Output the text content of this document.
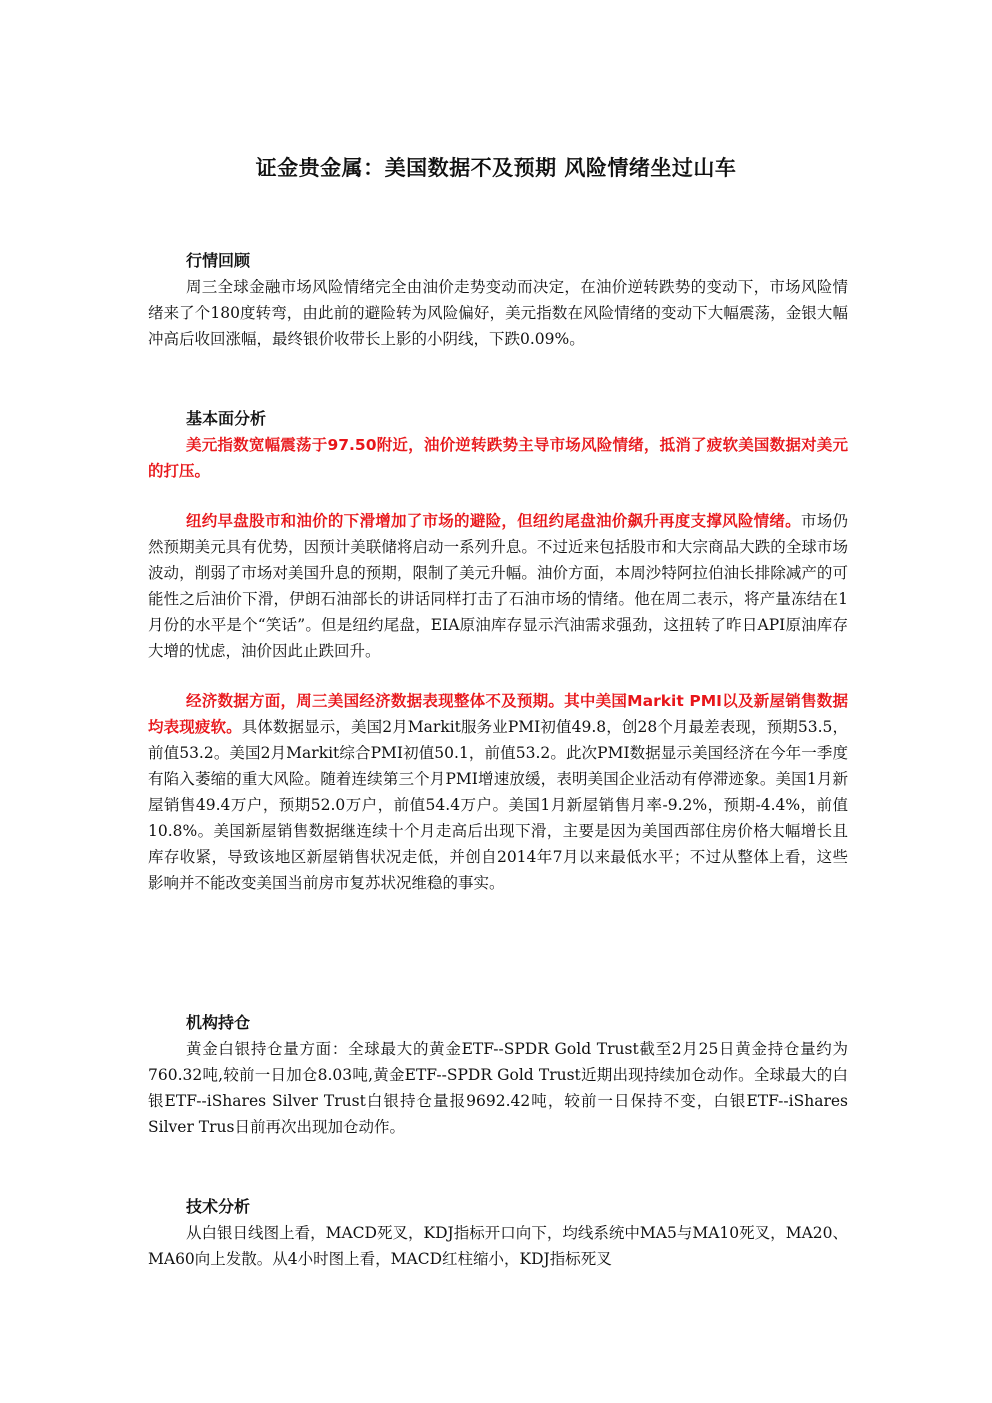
证金贵金属：美国数据不及预期 风险情绪坐过山车
行情回顾

周三全球金融市场风险情绪完全由油价走势变动而决定，在油价逆转跌势的变动下，市场风险情绪来了个180度转弯，由此前的避险转为风险偏好，美元指数在风险情绪的变动下大幅震荡，金银大幅冲高后收回涨幅，最终银价收带长上影的小阴线，下跌0.09%。

基本面分析

美元指数宽幅震荡于97.50附近，油价逆转跌势主导市场风险情绪，抵消了疲软美国数据对美元的打压。

纽约早盘股市和油价的下滑增加了市场的避险，但纽约尾盘油价飙升再度支撑风险情绪。市场仍然预期美元具有优势，因预计美联储将启动一系列升息。不过近来包括股市和大宗商品大跌的全球市场波动，削弱了市场对美国升息的预期，限制了美元升幅。油价方面，本周沙特阿拉伯油长排除减产的可能性之后油价下滑，伊朗石油部长的讲话同样打击了石油市场的情绪。他在周二表示，将产量冻结在1月份的水平是个“笑话”。但是纽约尾盘，EIA原油库存显示汽油需求强劲，这扭转了昨日API原油库存大增的忧虑，油价因此止跌回升。

经济数据方面，周三美国经济数据表现整体不及预期。其中美国Markit PMI以及新屋销售数据均表现疲软。具体数据显示，美国2月Markit服务业PMI初值49.8，创28个月最差表现，预期53.5，前值53.2。美国2月Markit综合PMI初值50.1，前值53.2。此次PMI数据显示美国经济在今年一季度有陷入萎缩的重大风险。随着连续第三个月PMI增速放缓，表明美国企业活动有停滞迹象。美国1月新屋销售49.4万户，预期52.0万户，前值54.4万户。美国1月新屋销售月率-9.2%，预期-4.4%，前值10.8%。美国新屋销售数据继连续十个月走高后出现下滑，主要是因为美国西部住房价格大幅增长且库存收紧，导致该地区新屋销售状况走低，并创自2014年7月以来最低水平；不过从整体上看，这些影响并不能改变美国当前房市复苏状况维稳的事实。

机构持仓

黄金白银持仓量方面：全球最大的黄金ETF--SPDR Gold Trust截至2月25日黄金持仓量约为760.32吨,较前一日加仓8.03吨,黄金ETF--SPDR Gold Trust近期出现持续加仓动作。全球最大的白银ETF--iShares Silver Trust白银持仓量报9692.42吨，较前一日保持不变，白银ETF--iShares Silver Trus日前再次出现加仓动作。

技术分析

从白银日线图上看，MACD死叉，KDJ指标开口向下，均线系统中MA5与MA10死叉，MA20、MA60向上发散。从4小时图上看，MACD红柱缩小，KDJ指标死叉
